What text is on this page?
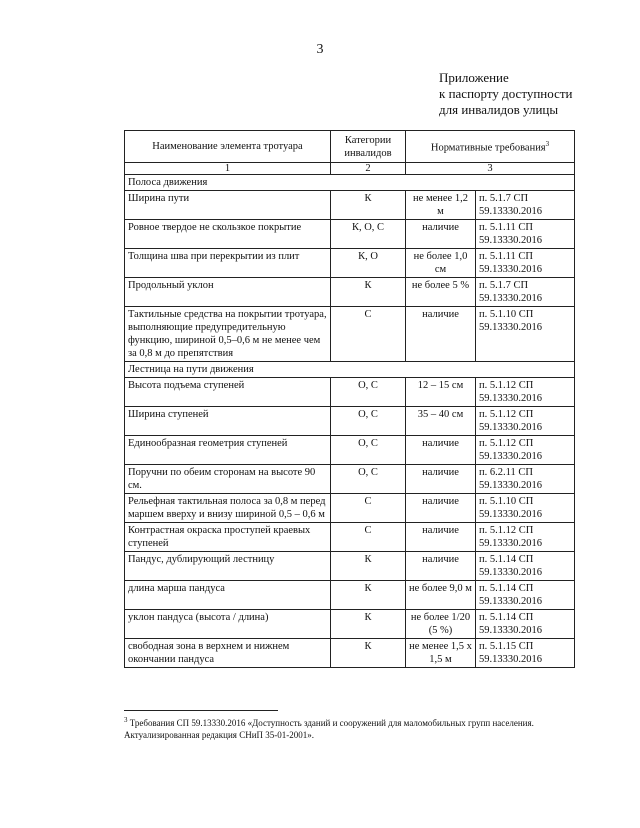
3
Приложение
к паспорту доступности
для инвалидов улицы
Наименование элемента тротуара	Категории инвалидов	Нормативные требования$^3$
1	2	3	
Полоса движения			
Ширина пути	К	не менее 1,2 м	п. 5.1.7 СП 59.13330.2016
Ровное твердое не скользкое покрытие	К, О, С	наличие	п. 5.1.11 СП 59.13330.2016
Толщина шва при перекрытии из плит	К, О	не более 1,0 см	п. 5.1.11 СП 59.13330.2016
Продольный уклон	К	не более 5 %	п. 5.1.7 СП 59.13330.2016
Тактильные средства на покрытии тротуара, выполняющие предупредительную функцию, шириной 0,5–0,6 м не менее чем за 0,8 м до препятствия	С	наличие	п. 5.1.10 СП 59.13330.2016
Лестница на пути движения			
Высота подъема ступеней	О, С	12 – 15 см	п. 5.1.12 СП 59.13330.2016
Ширина ступеней	О, С	35 – 40 см	п. 5.1.12 СП 59.13330.2016
Единообразная геометрия ступеней	О, С	наличие	п. 5.1.12 СП 59.13330.2016
Поручни по обеим сторонам на высоте 90 см.	О, С	наличие	п. 6.2.11 СП 59.13330.2016
Рельефная тактильная полоса за 0,8 м перед маршем вверху и внизу шириной 0,5 – 0,6 м	С	наличие	п. 5.1.10 СП 59.13330.2016
Контрастная окраска проступей краевых ступеней	С	наличие	п. 5.1.12 СП 59.13330.2016
Пандус, дублирующий лестницу	К	наличие	п. 5.1.14 СП 59.13330.2016
длина марша пандуса	К	не более 9,0 м	п. 5.1.14 СП 59.13330.2016
уклон пандуса (высота / длина)	К	не более 1/20 (5 %)	п. 5.1.14 СП 59.13330.2016
свободная зона в верхнем и нижнем окончании пандуса	К	не менее 1,5 х 1,5 м	п. 5.1.15 СП 59.13330.2016
$^3$ Требования СП 59.13330.2016 «Доступность зданий и сооружений для маломобильных групп населения. Актуализированная редакция СНиП 35-01-2001».
